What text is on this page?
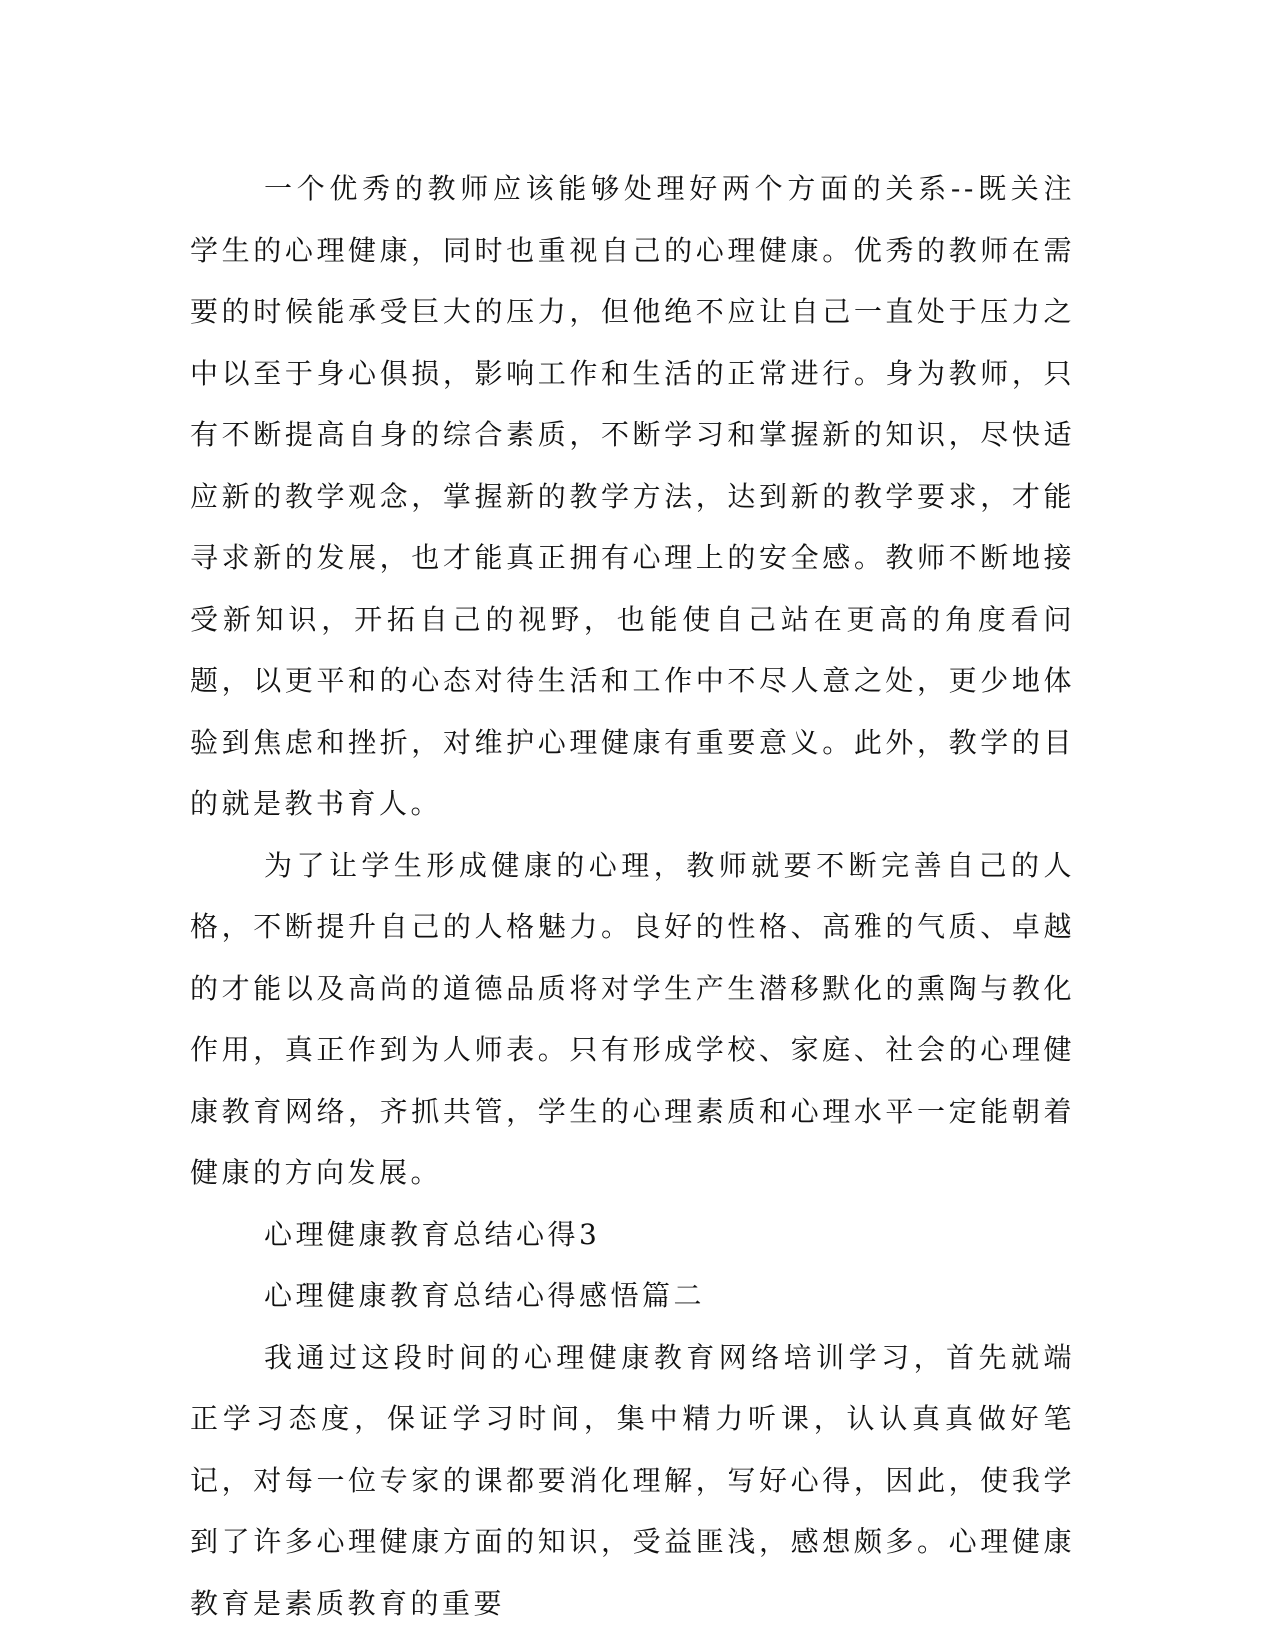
一个优秀的教师应该能够处理好两个方面的关系--既关注学生的心理健康，同时也重视自己的心理健康。优秀的教师在需要的时候能承受巨大的压力，但他绝不应让自己一直处于压力之中以至于身心俱损，影响工作和生活的正常进行。身为教师，只有不断提高自身的综合素质，不断学习和掌握新的知识，尽快适应新的教学观念，掌握新的教学方法，达到新的教学要求，才能寻求新的发展，也才能真正拥有心理上的安全感。教师不断地接受新知识，开拓自己的视野，也能使自己站在更高的角度看问题，以更平和的心态对待生活和工作中不尽人意之处，更少地体验到焦虑和挫折，对维护心理健康有重要意义。此外，教学的目的就是教书育人。

为了让学生形成健康的心理，教师就要不断完善自己的人格，不断提升自己的人格魅力。良好的性格、高雅的气质、卓越的才能以及高尚的道德品质将对学生产生潜移默化的熏陶与教化作用，真正作到为人师表。只有形成学校、家庭、社会的心理健康教育网络，齐抓共管，学生的心理素质和心理水平一定能朝着健康的方向发展。

心理健康教育总结心得3

心理健康教育总结心得感悟篇二

我通过这段时间的心理健康教育网络培训学习，首先就端正学习态度，保证学习时间，集中精力听课，认认真真做好笔记，对每一位专家的课都要消化理解，写好心得，因此，使我学到了许多心理健康方面的知识，受益匪浅，感想颇多。心理健康教育是素质教育的重要
